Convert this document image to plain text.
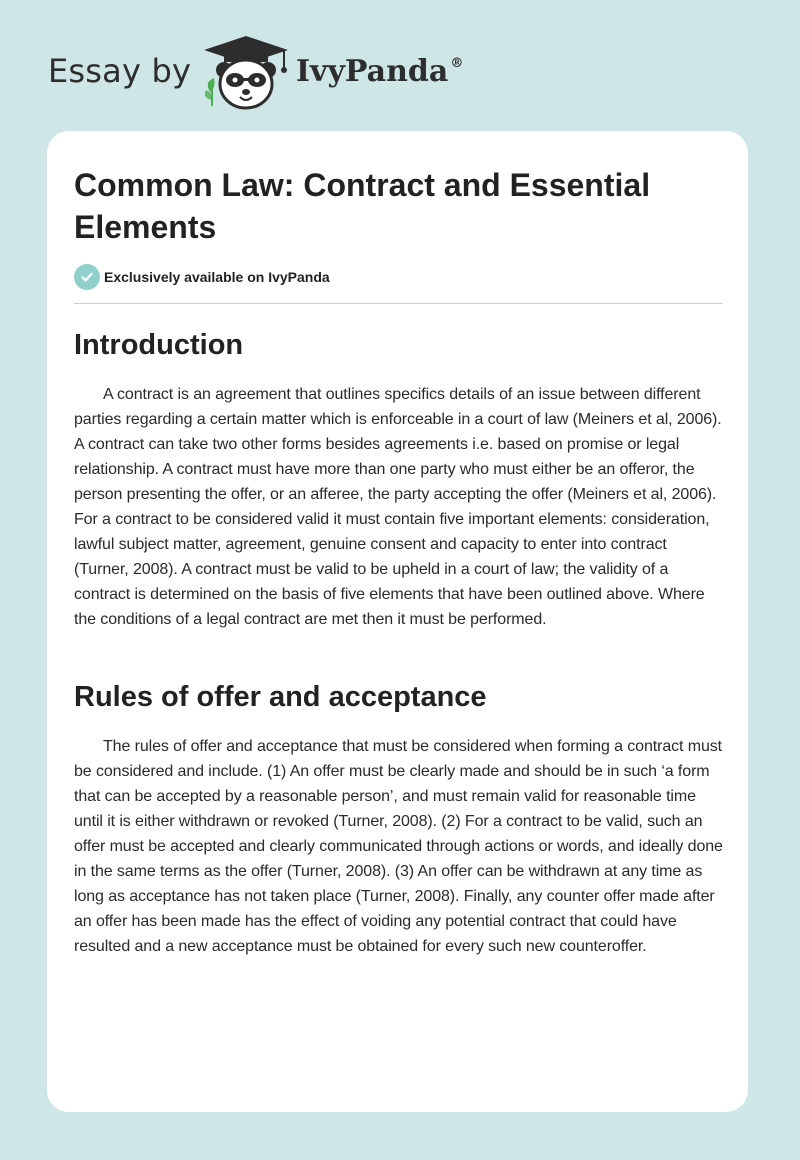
Essay by	IvyPanda ®
Common Law: Contract and Essential Elements
Exclusively available on IvyPanda
Introduction

A contract is an agreement that outlines specifics details of an issue between different parties regarding a certain matter which is enforceable in a court of law (Meiners et al, 2006). A contract can take two other forms besides agreements i.e. based on promise or legal relationship. A contract must have more than one party who must either be an offeror, the person presenting the offer, or an afferee, the party accepting the offer (Meiners et al, 2006). For a contract to be considered valid it must contain five important elements: consideration, lawful subject matter, agreement, genuine consent and capacity to enter into contract (Turner, 2008). A contract must be valid to be upheld in a court of law; the validity of a contract is determined on the basis of five elements that have been outlined above. Where the conditions of a legal contract are met then it must be performed.

Rules of offer and acceptance

The rules of offer and acceptance that must be considered when forming a contract must be considered and include. (1) An offer must be clearly made and should be in such ‘a form that can be accepted by a reasonable person’, and must remain valid for reasonable time until it is either withdrawn or revoked (Turner, 2008). (2) For a contract to be valid, such an offer must be accepted and clearly communicated through actions or words, and ideally done in the same terms as the offer (Turner, 2008). (3) An offer can be withdrawn at any time as long as acceptance has not taken place (Turner, 2008). Finally, any counter offer made after an offer has been made has the effect of voiding any potential contract that could have resulted and a new acceptance must be obtained for every such new counteroffer.
